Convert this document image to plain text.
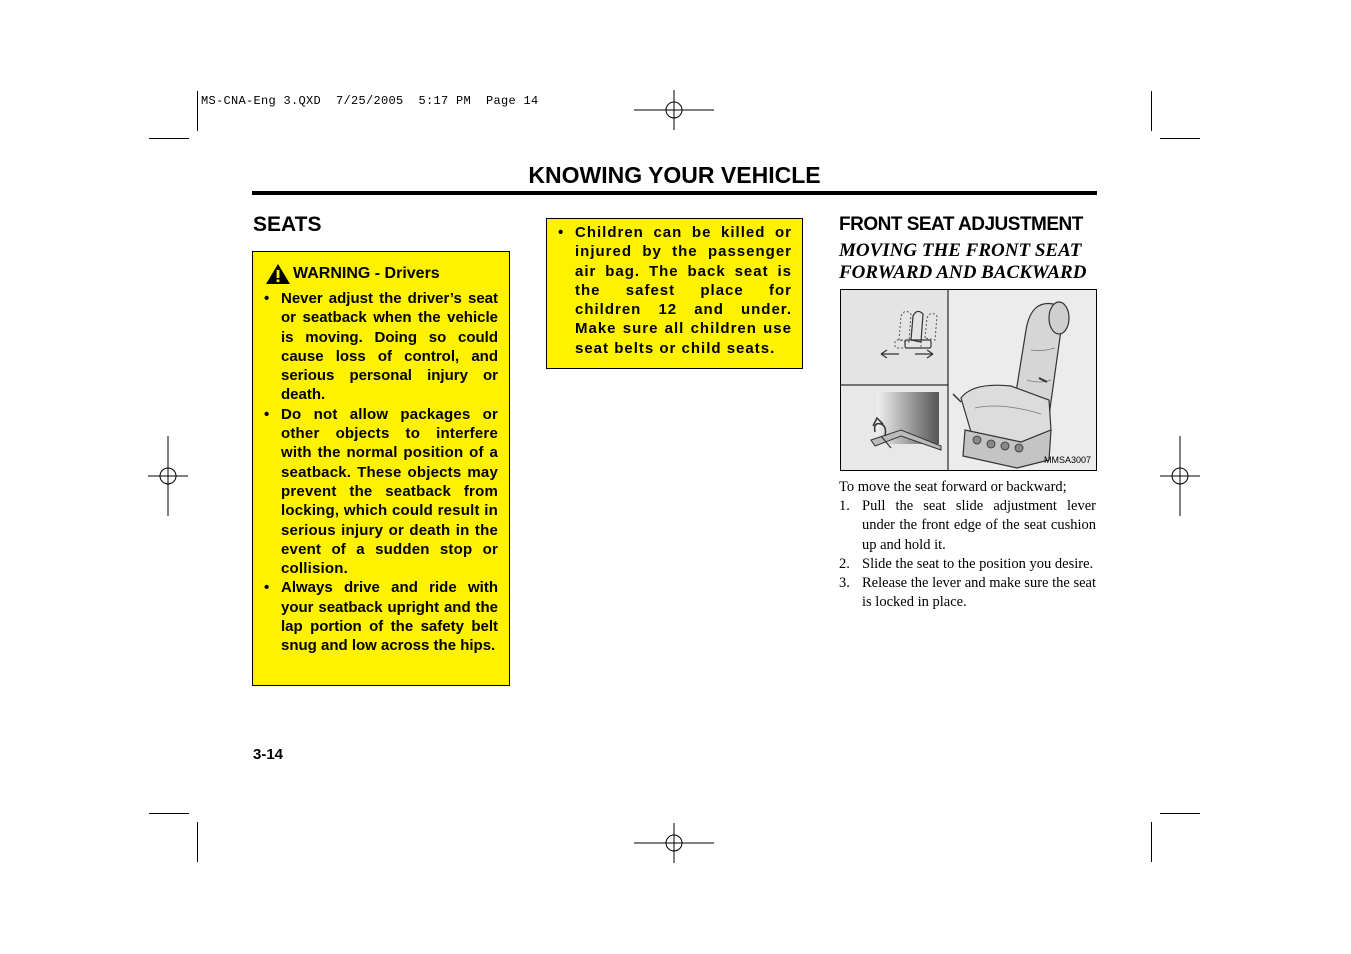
MS-CNA-Eng 3.QXD  7/25/2005  5:17 PM  Page 14
KNOWING YOUR VEHICLE
SEATS
WARNING - Drivers
• Never adjust the driver’s seat or seatback when the vehicle is moving. Doing so could cause loss of control, and serious personal injury or death.
• Do not allow packages or other objects to interfere with the normal position of a seatback. These objects may prevent the seatback from locking, which could result in serious injury or death in the event of a sudden stop or collision.
• Always drive and ride with your seatback upright and the lap portion of the safety belt snug and low across the hips.
• Children can be killed or injured by the passenger air bag. The back seat is the safest place for children 12 and under. Make sure all children use seat belts or child seats.
FRONT SEAT ADJUSTMENT
MOVING THE FRONT SEAT FORWARD AND BACKWARD
MMSA3007
To move the seat forward or backward;
1. Pull the seat slide adjustment lever under the front edge of the seat cushion up and hold it.
2. Slide the seat to the position you desire.
3. Release the lever and make sure the seat is locked in place.
3-14
